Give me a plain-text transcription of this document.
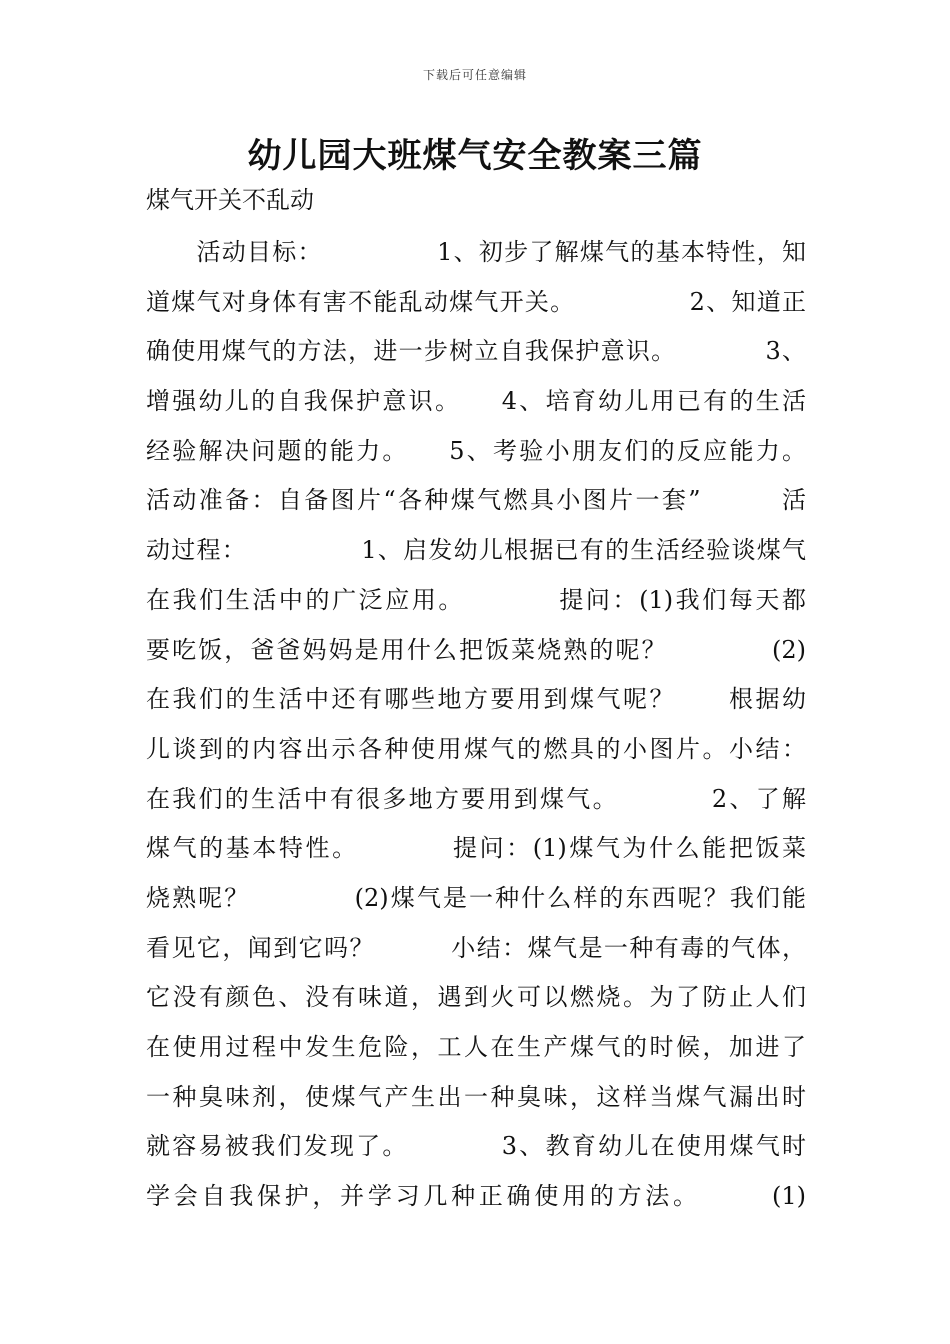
下载后可任意编辑
幼儿园大班煤气安全教案三篇
煤气开关不乱动
　　活动目标：　　　　　1、初步了解煤气的基本特性，知
道煤气对身体有害不能乱动煤气开关。　　　　　2、知道正
确使用煤气的方法，进一步树立自我保护意识。　　　　3、
增强幼儿的自我保护意识。　　4、培育幼儿用已有的生活
经验解决问题的能力。　　5、考验小朋友们的反应能力。
活动准备：自备图片“各种煤气燃具小图片一套”　　　活
动过程：　　　　　1、启发幼儿根据已有的生活经验谈煤气
在我们生活中的广泛应用。　　　　提问：(1)我们每天都
要吃饭，爸爸妈妈是用什么把饭菜烧熟的呢？　　　　(2)
在我们的生活中还有哪些地方要用到煤气呢？　　根据幼
儿谈到的内容出示各种使用煤气的燃具的小图片。小结：
在我们的生活中有很多地方要用到煤气。　　　　2、了解
煤气的基本特性。　　　　提问：(1)煤气为什么能把饭菜
烧熟呢？　　　　(2)煤气是一种什么样的东西呢？我们能
看见它，闻到它吗？　　　小结：煤气是一种有毒的气体，
它没有颜色、没有味道，遇到火可以燃烧。为了防止人们
在使用过程中发生危险，工人在生产煤气的时候，加进了
一种臭味剂，使煤气产生出一种臭味，这样当煤气漏出时
就容易被我们发现了。　　　　3、教育幼儿在使用煤气时
学会自我保护，并学习几种正确使用的方法。　　　(1)
